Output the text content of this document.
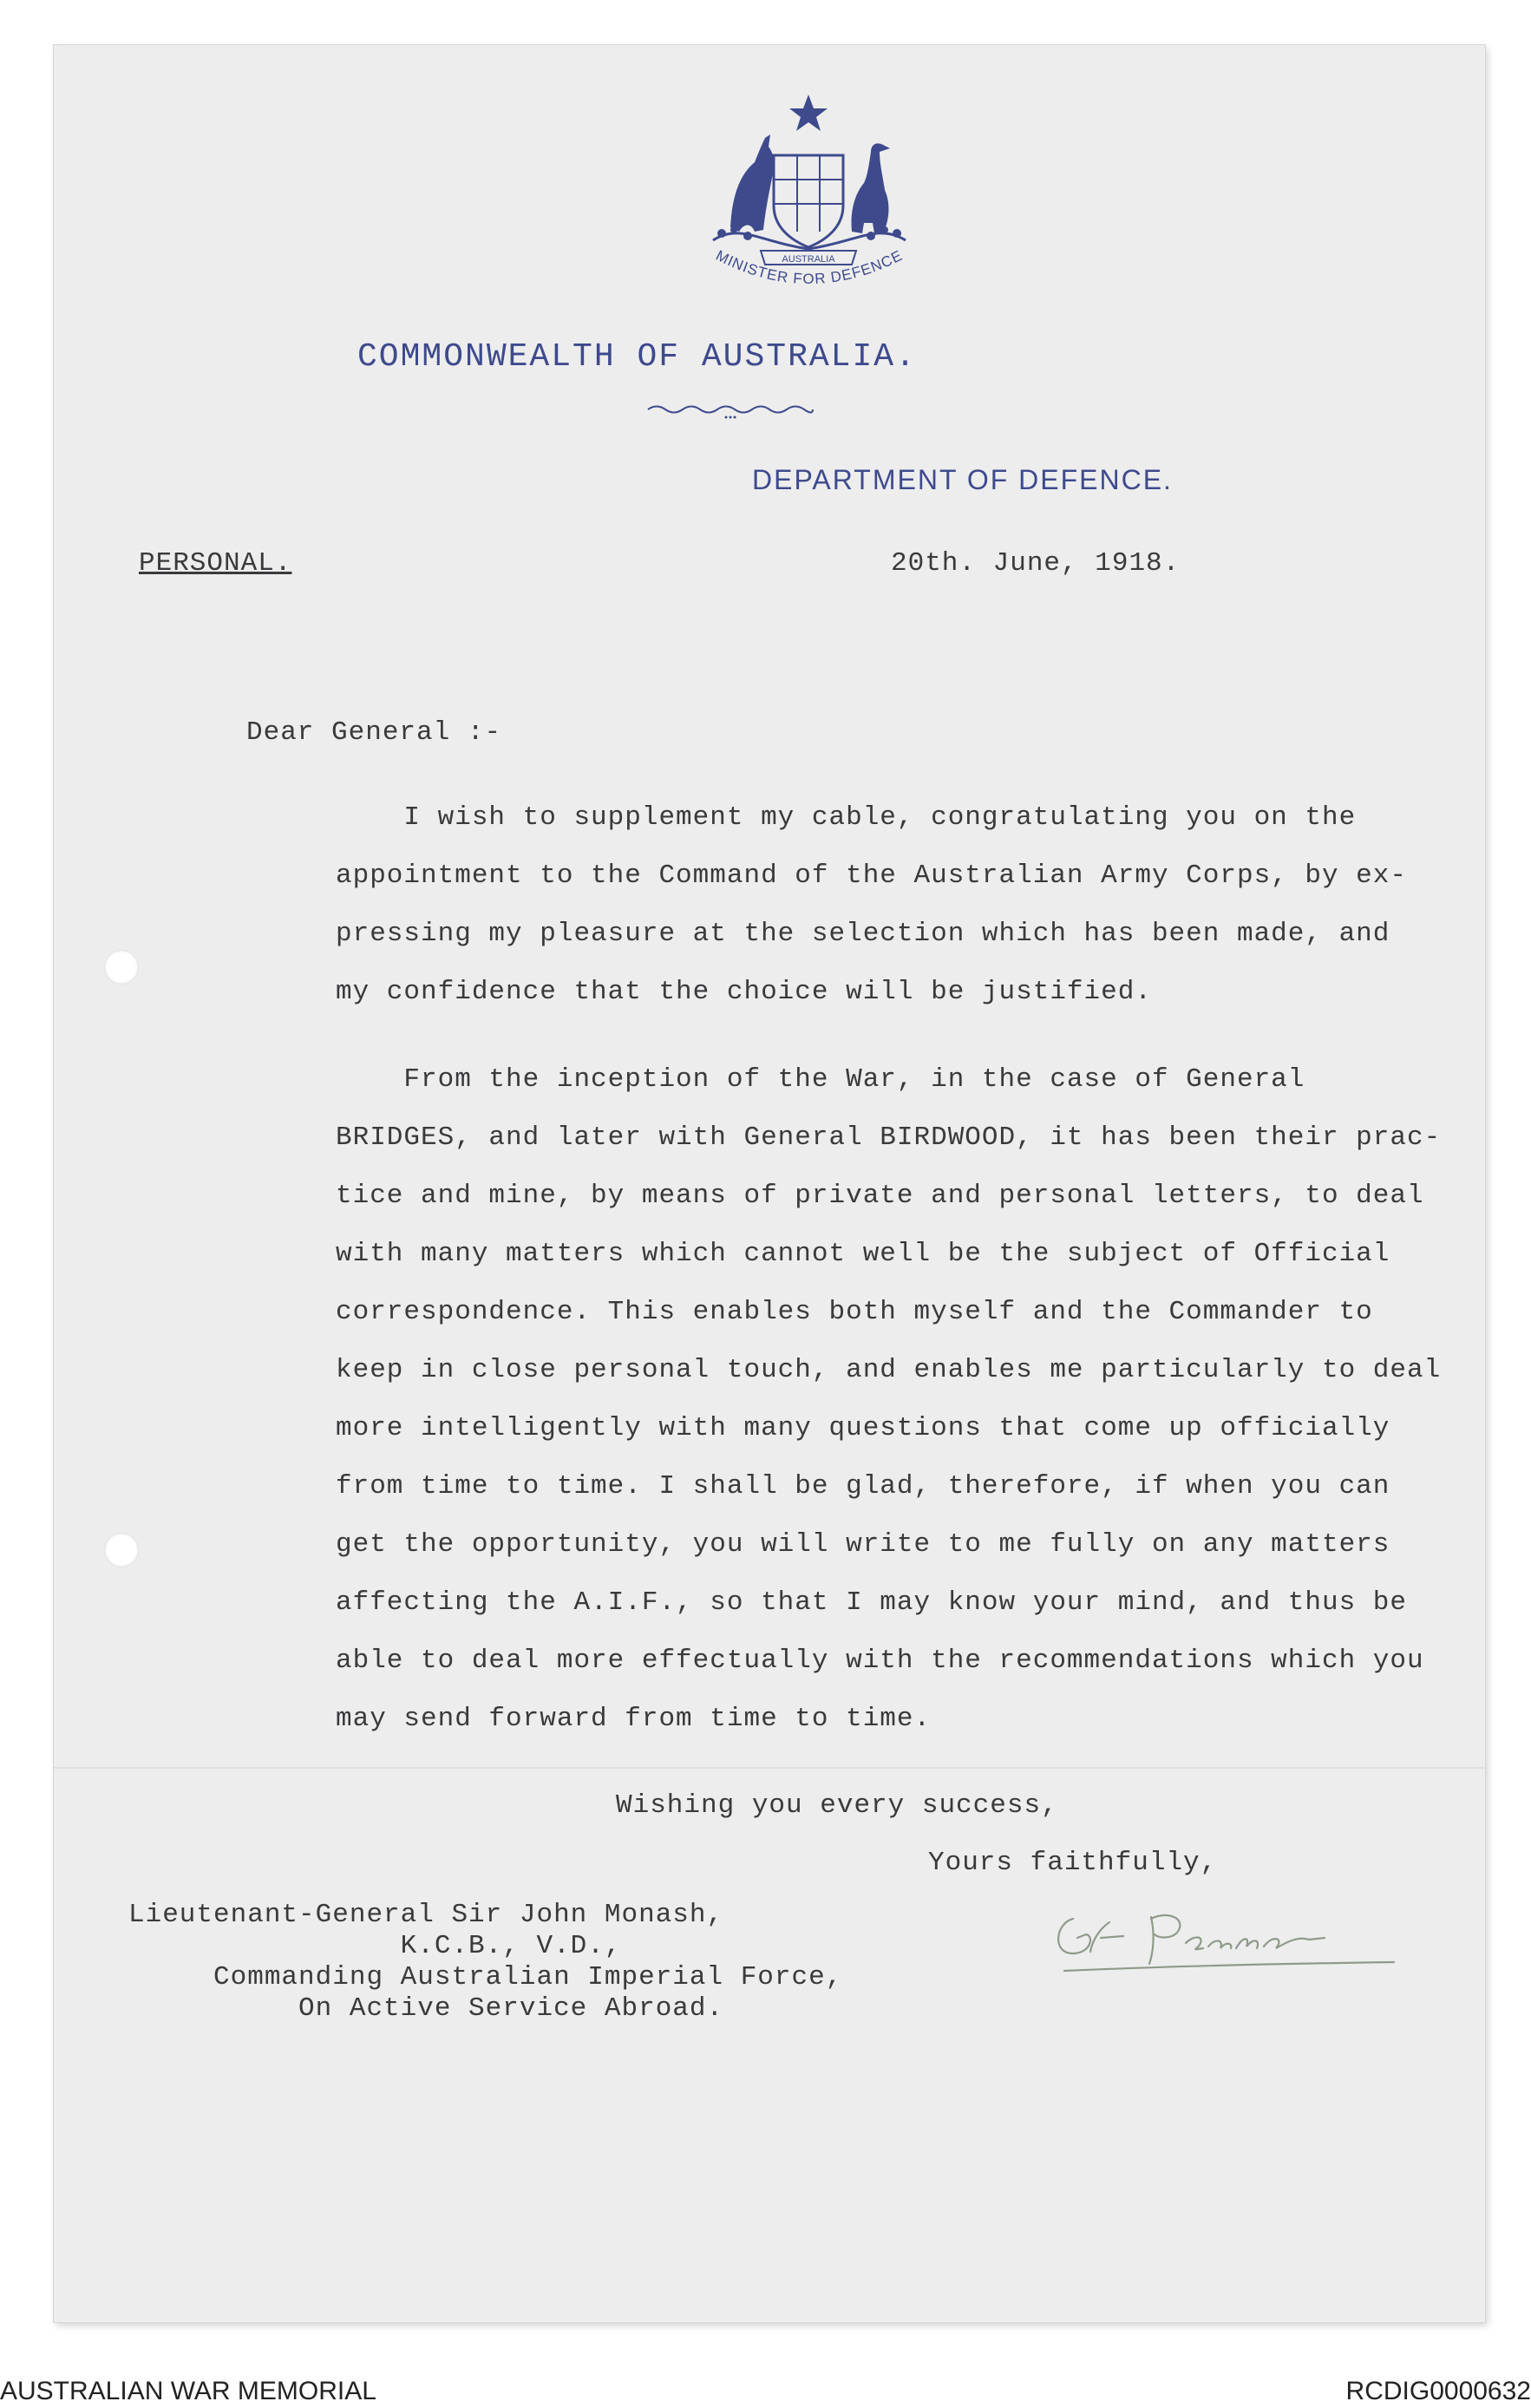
AUSTRALIA
MINISTER FOR DEFENCE
COMMONWEALTH OF AUSTRALIA.
DEPARTMENT OF DEFENCE.
PERSONAL.	20th. June, 1918.
Dear General :-
I wish to supplement my cable, congratulating you on the
appointment to the Command of the Australian Army Corps, by ex-
pressing my pleasure at the selection which has been made, and
my confidence that the choice will be justified.
From the inception of the War, in the case of General
BRIDGES, and later with General BIRDWOOD, it has been their prac-
tice and mine, by means of private and personal letters, to deal
with many matters which cannot well be the subject of Official
correspondence. This enables both myself and the Commander to
keep in close personal touch, and enables me particularly to deal
more intelligently with many questions that come up officially
from time to time. I shall be glad, therefore, if when you can
get the opportunity, you will write to me fully on any matters
affecting the A.I.F., so that I may know your mind, and thus be
able to deal more effectually with the recommendations which you
may send forward from time to time.
Wishing you every success,
Yours faithfully,
Lieutenant-General Sir John Monash,
K.C.B., V.D.,
Commanding Australian Imperial Force,
On Active Service Abroad.
AUSTRALIAN WAR MEMORIAL	RCDIG0000632
